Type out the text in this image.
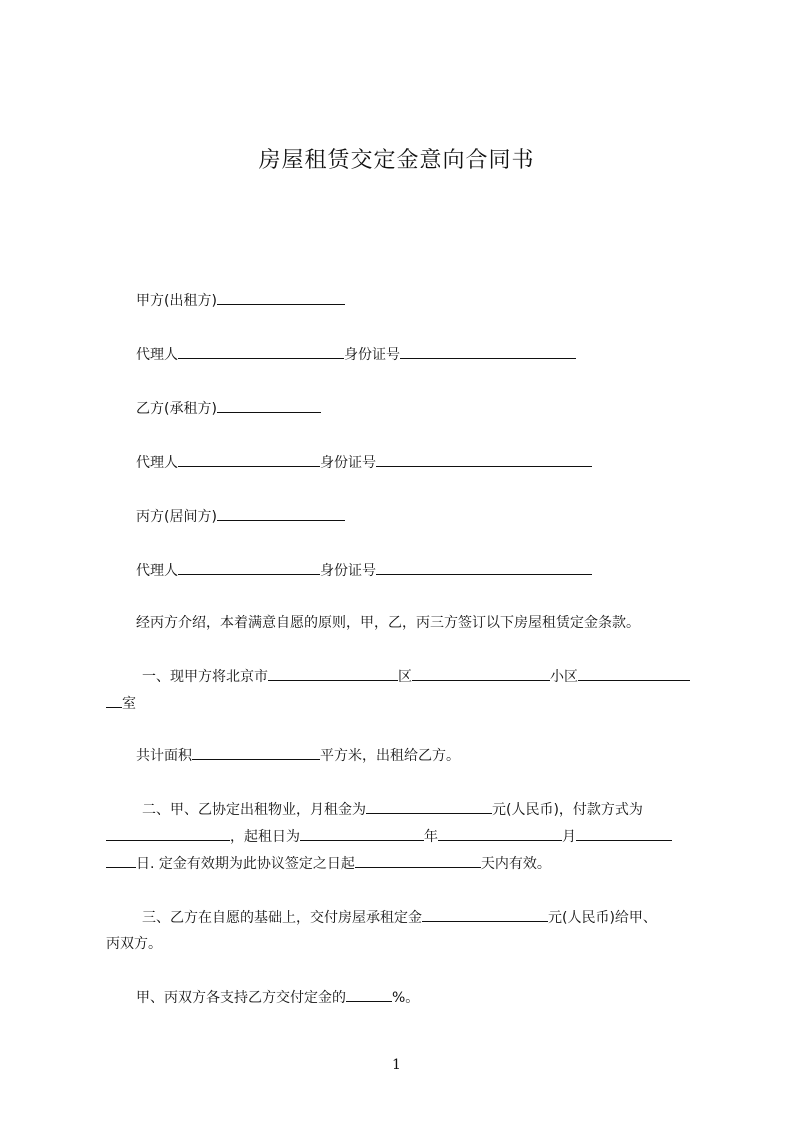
房屋租赁交定金意向合同书
甲方(出租方)
代理人	身份证号
乙方(承租方)
代理人	身份证号
丙方(居间方)
代理人	身份证号
经丙方介绍，本着满意自愿的原则，甲，乙，丙三方签订以下房屋租赁定金条款。
一、现甲方将北京市	区	小区
室
共计面积	平方米，出租给乙方。
二、甲、乙协定出租物业，月租金为	元(人民币)，付款方式为
，起租日为	年	月
日. 定金有效期为此协议签定之日起	天内有效。
三、乙方在自愿的基础上，交付房屋承租定金	元(人民币)给甲、
丙双方。
甲、丙双方各支持乙方交付定金的	%。
1
